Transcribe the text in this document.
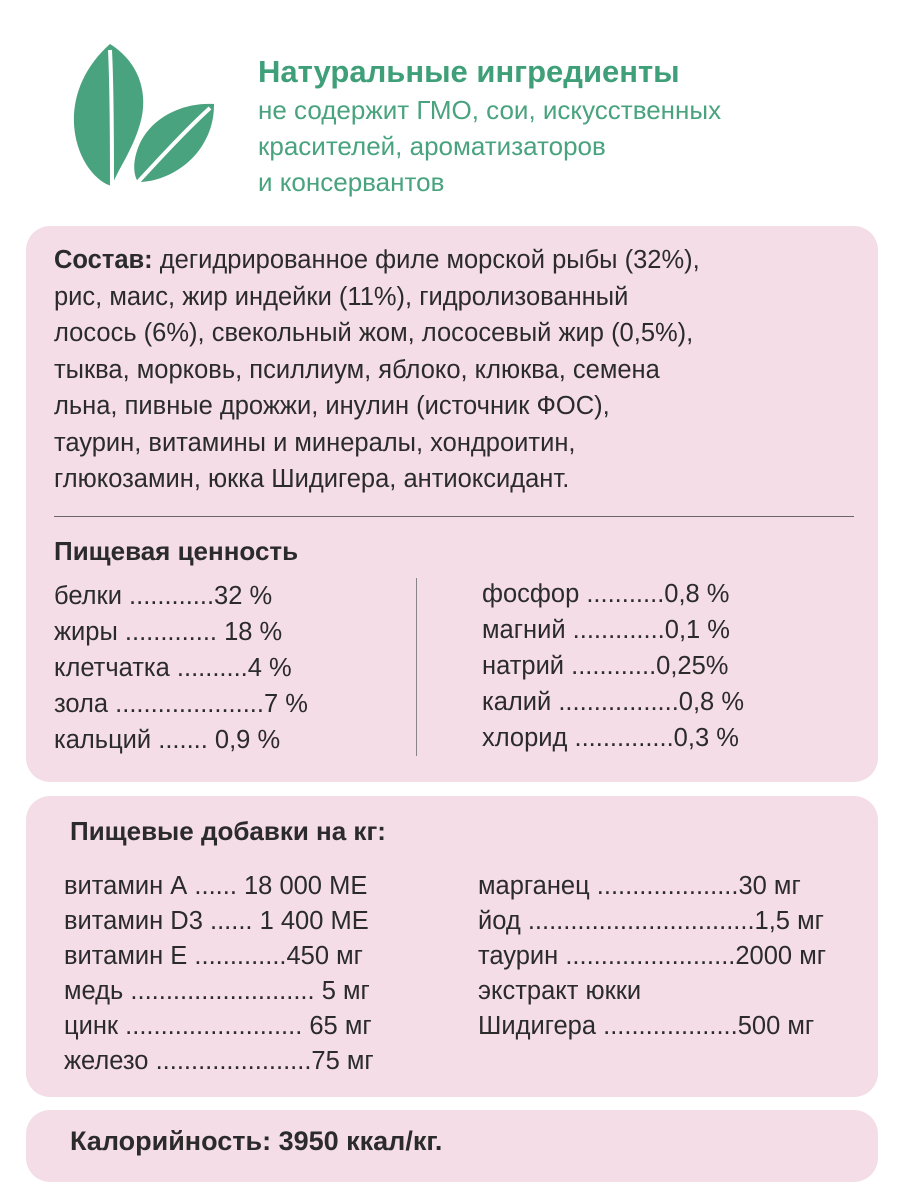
Натуральные ингредиенты
не содержит ГМО, сои, искусственных
красителей, ароматизаторов
и консервантов
Состав: дегидрированное филе морской рыбы (32%),
рис, маис, жир индейки (11%), гидролизованный
лосось (6%), свекольный жом, лососевый жир (0,5%),
тыква, морковь, псиллиум, яблоко, клюква, семена
льна, пивные дрожжи, инулин (источник ФОС),
таурин, витамины и минералы, хондроитин,
глюкозамин, юкка Шидигера, антиоксидант.
Пищевая ценность
белки ............32 %
жиры ............. 18 %
клетчатка ..........4 %
зола .....................7 %
кальций ....... 0,9 %
фосфор ...........0,8 %
магний .............0,1 %
натрий ............0,25%
калий .................0,8 %
хлорид ..............0,3 %
Пищевые добавки на кг:
витамин А ...... 18 000 МЕ
витамин D3 ...... 1 400 МЕ
витамин Е .............450 мг
медь .......................... 5 мг
цинк ......................... 65 мг
железо ......................75 мг
марганец ....................30 мг
йод ................................1,5 мг
таурин ........................2000 мг
экстракт юкки
Шидигера ...................500 мг
Калорийность: 3950 ккал/кг.
